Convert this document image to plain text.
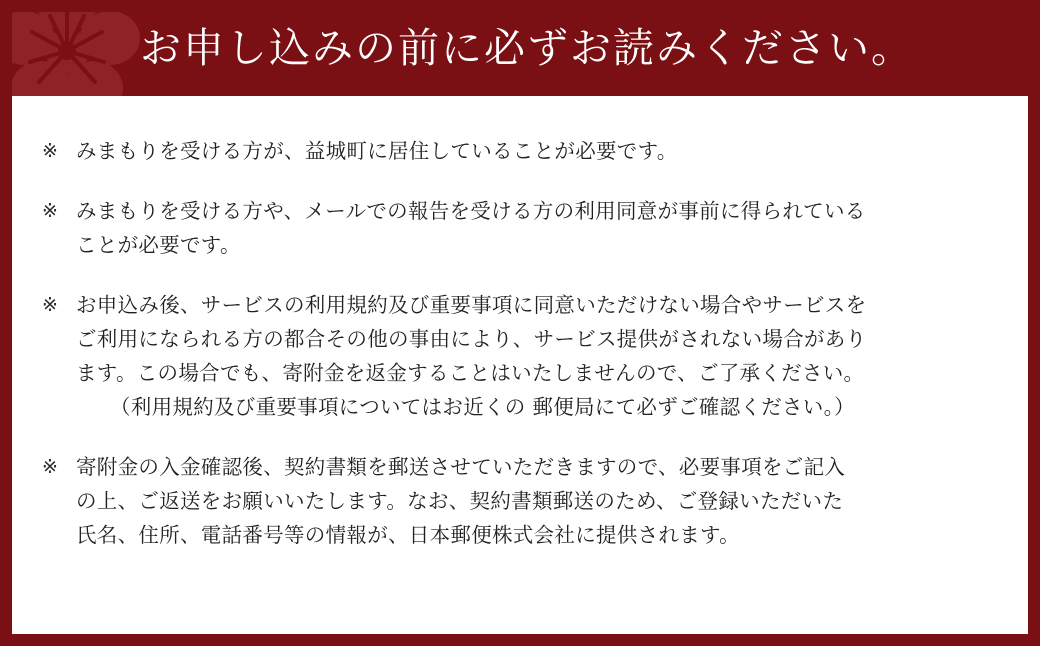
お申し込みの前に必ずお読みください。
※ みまもりを受ける方が、益城町に居住していることが必要です。
※ みまもりを受ける方や、メールでの報告を受ける方の利用同意が事前に得られている
ことが必要です。
※ お申込み後、サービスの利用規約及び重要事項に同意いただけない場合やサービスを
ご利用になられる方の都合その他の事由により、サービス提供がされない場合があり
ます。この場合でも、寄附金を返金することはいたしませんので、ご了承ください。
（利用規約及び重要事項についてはお近くの 郵便局にて必ずご確認ください。）
※ 寄附金の入金確認後、契約書類を郵送させていただきますので、必要事項をご記入
の上、ご返送をお願いいたします。なお、契約書類郵送のため、ご登録いただいた
氏名、住所、電話番号等の情報が、日本郵便株式会社に提供されます。
